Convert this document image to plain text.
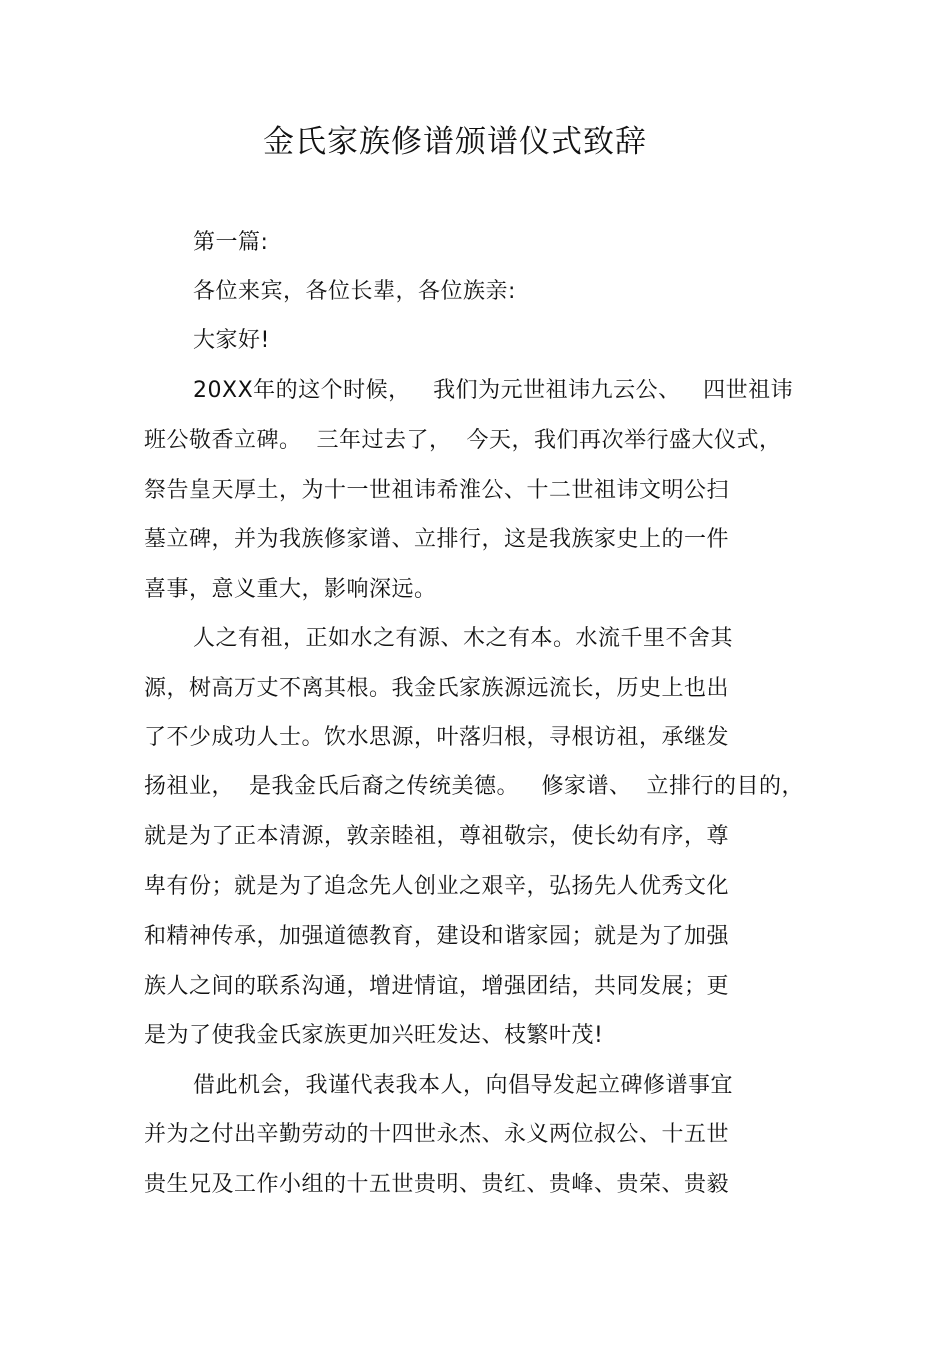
金氏家族修谱颁谱仪式致辞
第一篇:
各位来宾，各位长辈，各位族亲:
大家好!
20XX年的这个时候，   我们为元世祖讳九云公、   四世祖讳
班公敬香立碑。  三年过去了，  今天，我们再次举行盛大仪式，
祭告皇天厚土，为十一世祖讳希淮公、十二世祖讳文明公扫
墓立碑，并为我族修家谱、立排行，这是我族家史上的一件
喜事，意义重大，影响深远。
人之有祖，正如水之有源、木之有本。水流千里不舍其
源，树高万丈不离其根。我金氏家族源远流长，历史上也出
了不少成功人士。饮水思源，叶落归根，寻根访祖，承继发
扬祖业，  是我金氏后裔之传统美德。   修家谱、  立排行的目的，
就是为了正本清源，敦亲睦祖，尊祖敬宗，使长幼有序，尊
卑有份；就是为了追念先人创业之艰辛，弘扬先人优秀文化
和精神传承，加强道德教育，建设和谐家园；就是为了加强
族人之间的联系沟通，增进情谊，增强团结，共同发展；更
是为了使我金氏家族更加兴旺发达、枝繁叶茂!
借此机会，我谨代表我本人，向倡导发起立碑修谱事宜
并为之付出辛勤劳动的十四世永杰、永义两位叔公、十五世
贵生兄及工作小组的十五世贵明、贵红、贵峰、贵荣、贵毅
